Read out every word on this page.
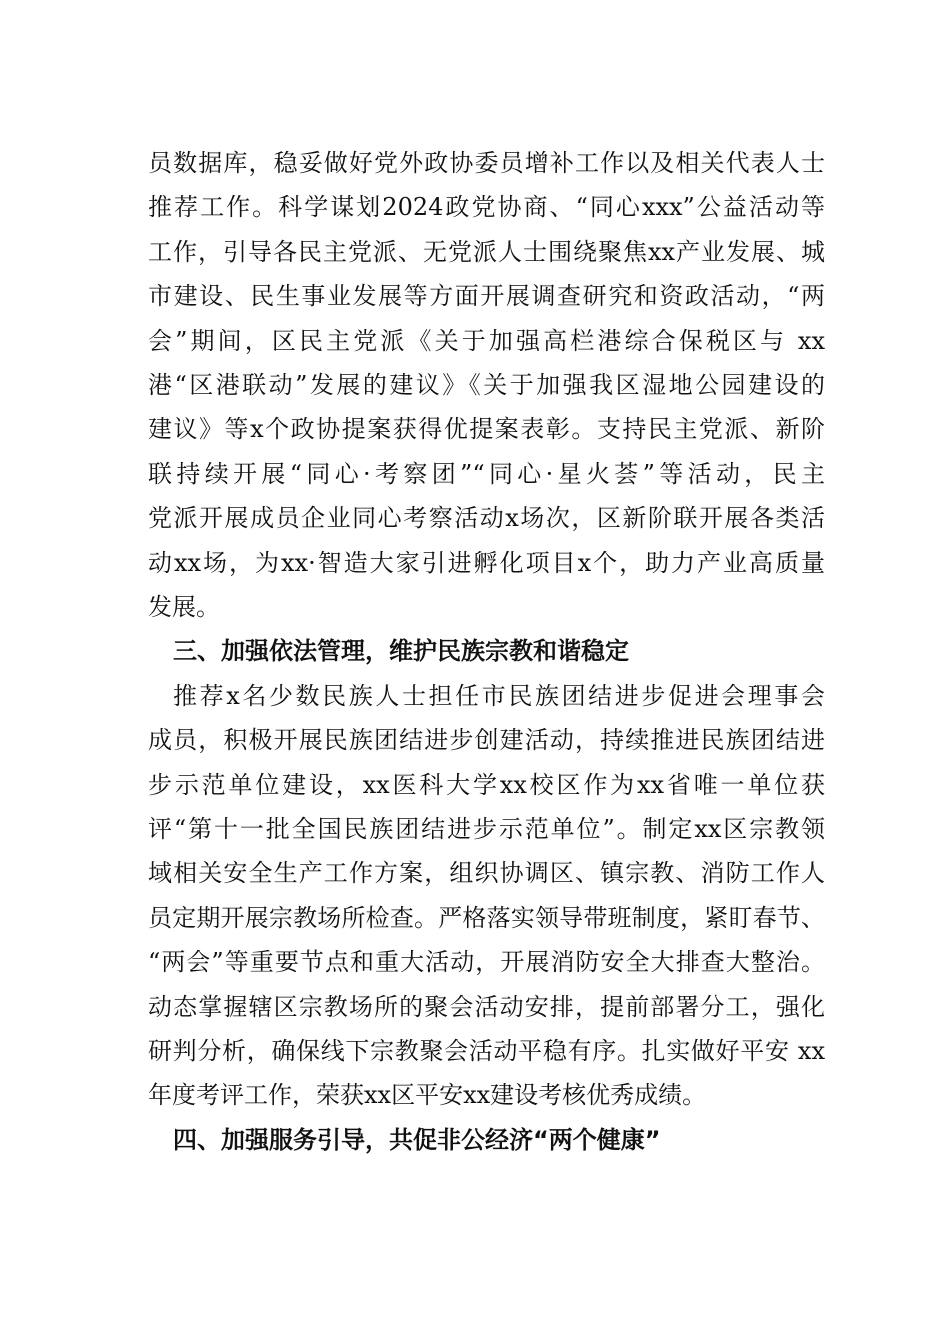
员数据库，稳妥做好党外政协委员增补工作以及相关代表人士
推荐工作。科学谋划2024政党协商、“同心xxx”公益活动等
工作，引导各民主党派、无党派人士围绕聚焦xx产业发展、城
市建设、民生事业发展等方面开展调查研究和资政活动，“两
会”期间，区民主党派《关于加强高栏港综合保税区与 xx
港“区港联动”发展的建议》《关于加强我区湿地公园建设的
建议》等x个政协提案获得优提案表彰。支持民主党派、新阶
联持续开展“同心·考察团”“同心·星火荟”等活动，民主
党派开展成员企业同心考察活动x场次，区新阶联开展各类活
动xx场，为xx·智造大家引进孵化项目x个，助力产业高质量
发展。
三、加强依法管理，维护民族宗教和谐稳定
推荐x名少数民族人士担任市民族团结进步促进会理事会
成员，积极开展民族团结进步创建活动，持续推进民族团结进
步示范单位建设，xx医科大学xx校区作为xx省唯一单位获
评“第十一批全国民族团结进步示范单位”。制定xx区宗教领
域相关安全生产工作方案，组织协调区、镇宗教、消防工作人
员定期开展宗教场所检查。严格落实领导带班制度，紧盯春节、
“两会”等重要节点和重大活动，开展消防安全大排查大整治。
动态掌握辖区宗教场所的聚会活动安排，提前部署分工，强化
研判分析，确保线下宗教聚会活动平稳有序。扎实做好平安 xx
年度考评工作，荣获xx区平安xx建设考核优秀成绩。
四、加强服务引导，共促非公经济“两个健康”
